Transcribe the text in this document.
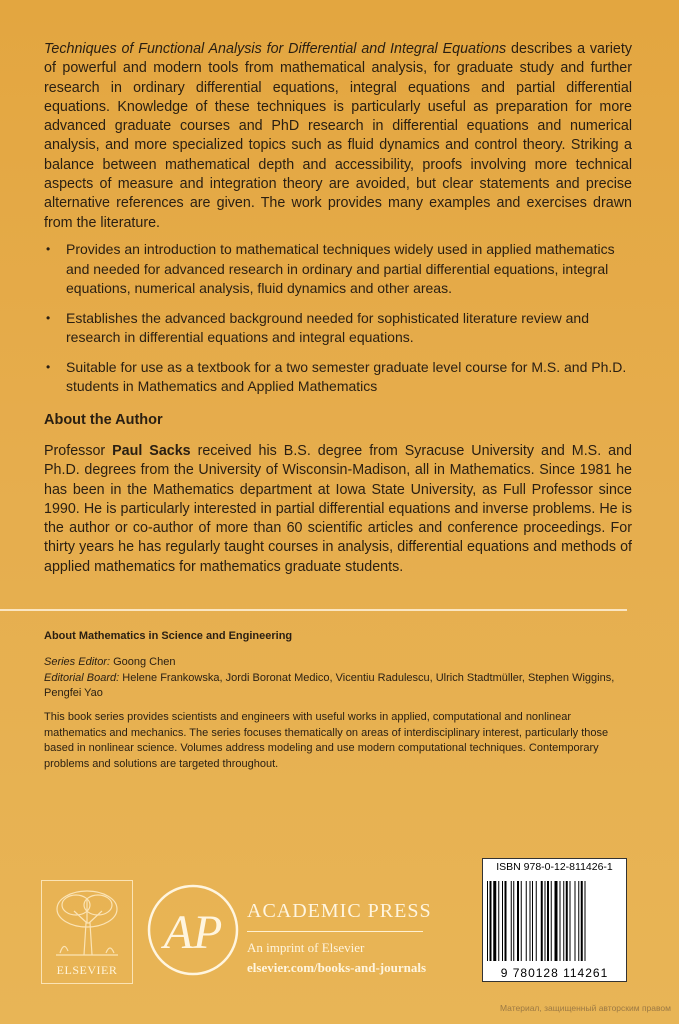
Techniques of Functional Analysis for Differential and Integral Equations describes a variety of powerful and modern tools from mathematical analysis, for graduate study and further research in ordinary differential equations, integral equations and partial differential equations. Knowledge of these techniques is particularly useful as preparation for more advanced graduate courses and PhD research in differential equations and numerical analysis, and more specialized topics such as fluid dynamics and control theory. Striking a balance between mathematical depth and accessibility, proofs involving more technical aspects of measure and integration theory are avoided, but clear statements and precise alternative references are given. The work provides many examples and exercises drawn from the literature.
• Provides an introduction to mathematical techniques widely used in applied mathematics and needed for advanced research in ordinary and partial differential equations, integral equations, numerical analysis, fluid dynamics and other areas.
• Establishes the advanced background needed for sophisticated literature review and research in differential equations and integral equations.
• Suitable for use as a textbook for a two semester graduate level course for M.S. and Ph.D. students in Mathematics and Applied Mathematics
About the Author
Professor Paul Sacks received his B.S. degree from Syracuse University and M.S. and Ph.D. degrees from the University of Wisconsin-Madison, all in Mathematics. Since 1981 he has been in the Mathematics department at Iowa State University, as Full Professor since 1990. He is particularly interested in partial differential equations and inverse problems. He is the author or co-author of more than 60 scientific articles and conference proceedings. For thirty years he has regularly taught courses in analysis, differential equations and methods of applied mathematics for mathematics graduate students.
About Mathematics in Science and Engineering
Series Editor: Goong Chen
Editorial Board: Helene Frankowska, Jordi Boronat Medico, Vicentiu Radulescu, Ulrich Stadtmüller, Stephen Wiggins, Pengfei Yao
This book series provides scientists and engineers with useful works in applied, computational and nonlinear mathematics and mechanics. The series focuses thematically on areas of interdisciplinary interest, particularly those based in nonlinear science. Volumes address modeling and use modern computational techniques. Contemporary problems and solutions are targeted throughout.
ELSEVIER
AP ACADEMIC PRESS
An imprint of Elsevier
elsevier.com/books-and-journals
ISBN 978-0-12-811426-1
9 780128 114261
Материал, защищенный авторским правом
